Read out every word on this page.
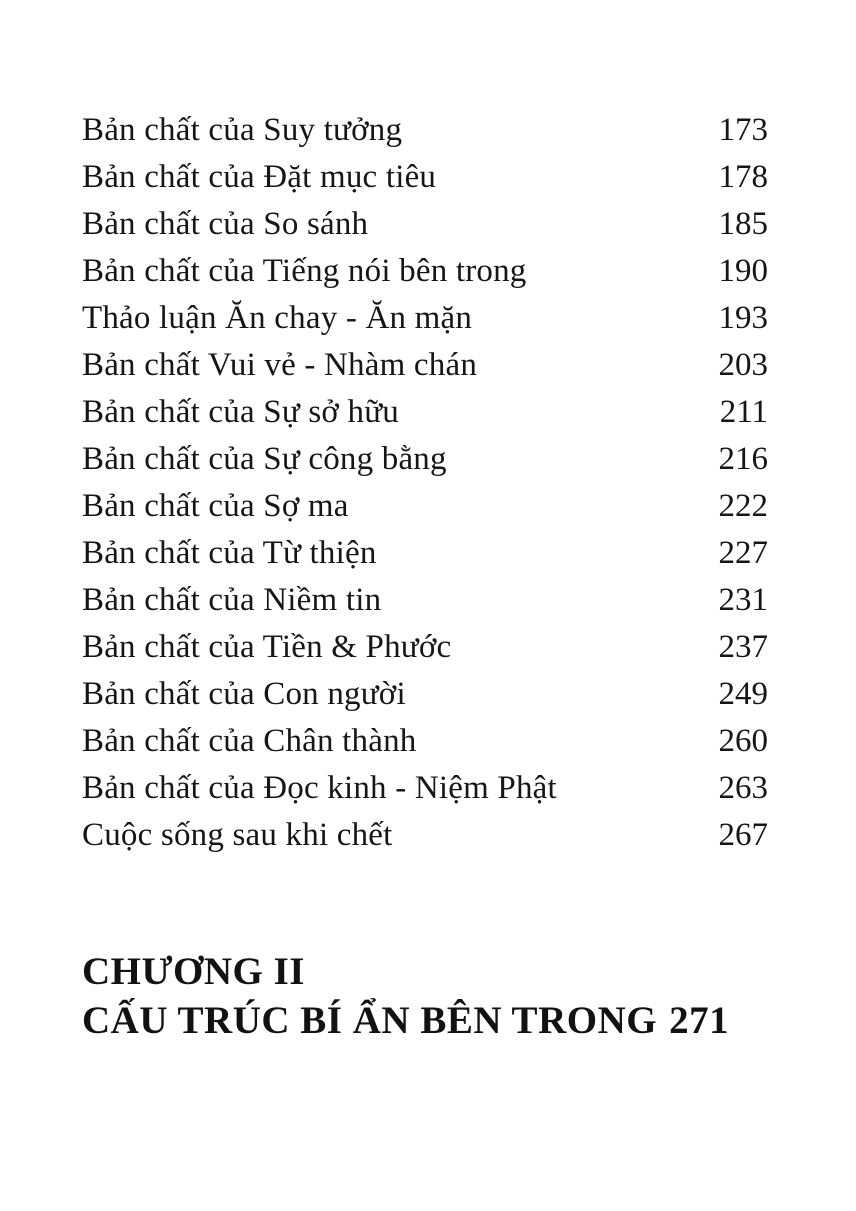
Bản chất của Suy tưởng	173
Bản chất của Đặt mục tiêu	178
Bản chất của So sánh	185
Bản chất của Tiếng nói bên trong	190
Thảo luận Ăn chay - Ăn mặn	193
Bản chất Vui vẻ - Nhàm chán	203
Bản chất của Sự sở hữu	211
Bản chất của Sự công bằng	216
Bản chất của Sợ ma	222
Bản chất của Từ thiện	227
Bản chất của Niềm tin	231
Bản chất của Tiền & Phước	237
Bản chất của Con người	249
Bản chất của Chân thành	260
Bản chất của Đọc kinh - Niệm Phật	263
Cuộc sống sau khi chết	267
CHƯƠNG II
CẤU TRÚC BÍ ẨN BÊN TRONG 271
